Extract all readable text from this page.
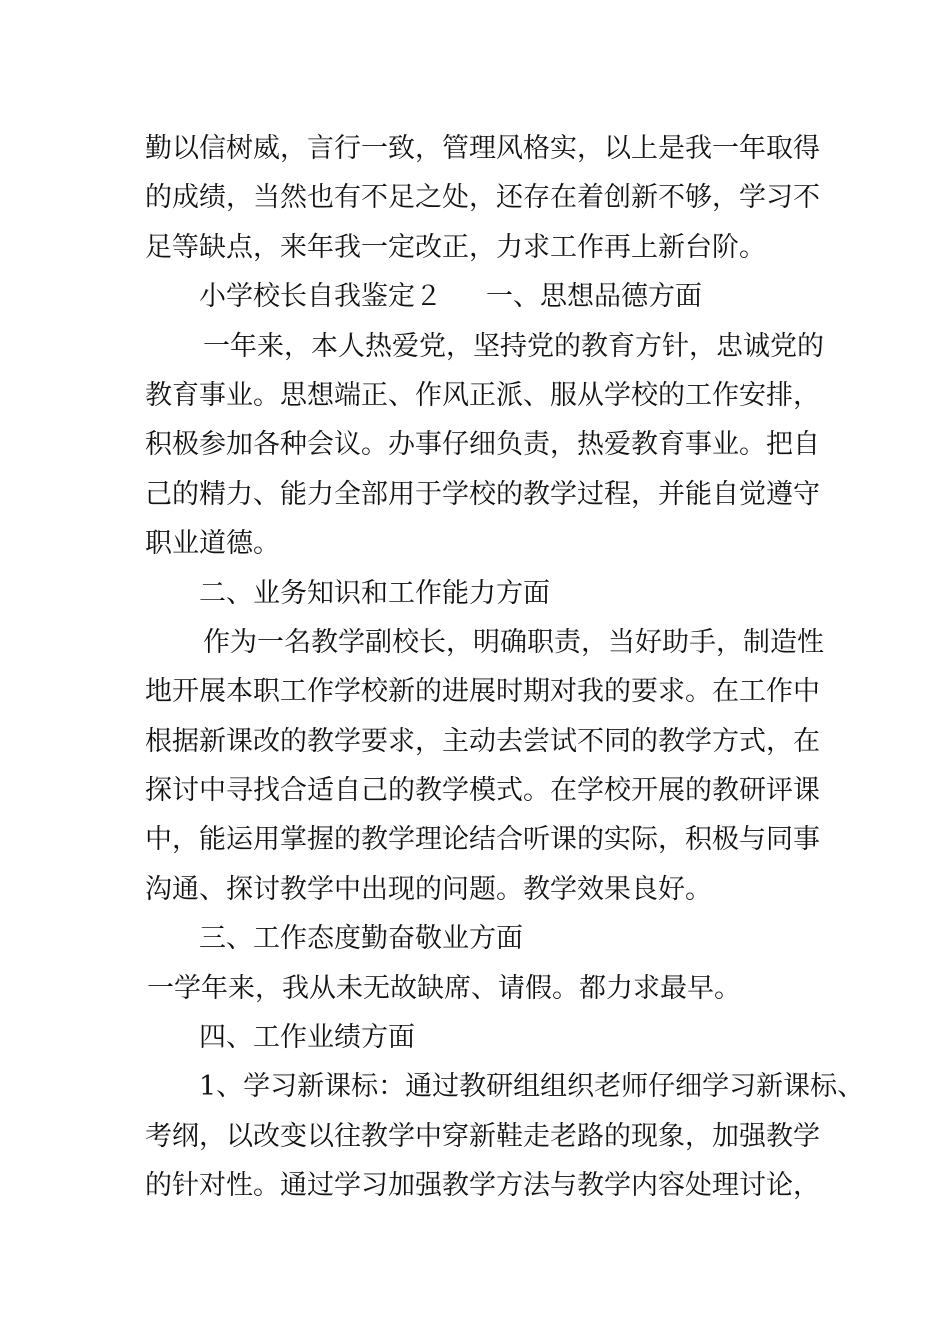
勤以信树威，言行一致，管理风格实，以上是我一年取得
的成绩，当然也有不足之处，还存在着创新不够，学习不
足等缺点，来年我一定改正，力求工作再上新台阶。
小学校长自我鉴定２ 一、思想品德方面
一年来，本人热爱党，坚持党的教育方针，忠诚党的
教育事业。思想端正、作风正派、服从学校的工作安排，
积极参加各种会议。办事仔细负责，热爱教育事业。把自
己的精力、能力全部用于学校的教学过程，并能自觉遵守
职业道德。
二、业务知识和工作能力方面
作为一名教学副校长，明确职责，当好助手，制造性
地开展本职工作学校新的进展时期对我的要求。在工作中
根据新课改的教学要求，主动去尝试不同的教学方式，在
探讨中寻找合适自己的教学模式。在学校开展的教研评课
中，能运用掌握的教学理论结合听课的实际，积极与同事
沟通、探讨教学中出现的问题。教学效果良好。
三、工作态度勤奋敬业方面
一学年来，我从未无故缺席、请假。都力求最早。
四、工作业绩方面
1、学习新课标：通过教研组组织老师仔细学习新课标、
考纲，以改变以往教学中穿新鞋走老路的现象，加强教学
的针对性。通过学习加强教学方法与教学内容处理讨论，
